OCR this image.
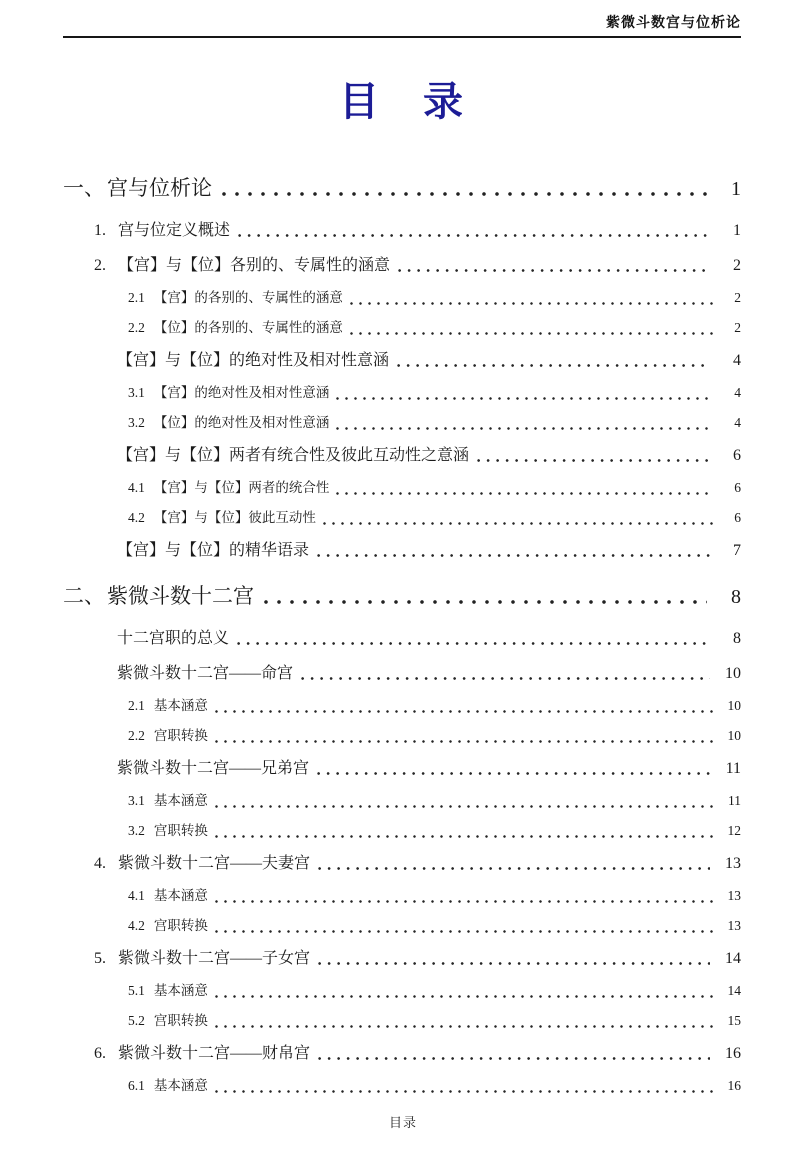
紫微斗数宫与位析论
目　录
一、宫与位析论	1
1. 宫与位定义概述	1
2. 【宫】与【位】各别的、专属性的涵意	2
2.1 【宫】的各别的、专属性的涵意	2
2.2 【位】的各别的、专属性的涵意	2
【宫】与【位】的绝对性及相对性意涵	4
3.1 【宫】的绝对性及相对性意涵	4
3.2 【位】的绝对性及相对性意涵	4
【宫】与【位】两者有统合性及彼此互动性之意涵	6
4.1 【宫】与【位】两者的统合性	6
4.2 【宫】与【位】彼此互动性	6
【宫】与【位】的精华语录	7
二、紫微斗数十二宫	8
十二宫职的总义	8
紫微斗数十二宫——命宫	10
2.1 基本涵意	10
2.2 宫职转换	10
紫微斗数十二宫——兄弟宫	11
3.1 基本涵意	11
3.2 宫职转换	12
4. 紫微斗数十二宫——夫妻宫	13
4.1 基本涵意	13
4.2 宫职转换	13
5. 紫微斗数十二宫——子女宫	14
5.1 基本涵意	14
5.2 宫职转换	15
6. 紫微斗数十二宫——财帛宫	16
6.1 基本涵意	16
目录
